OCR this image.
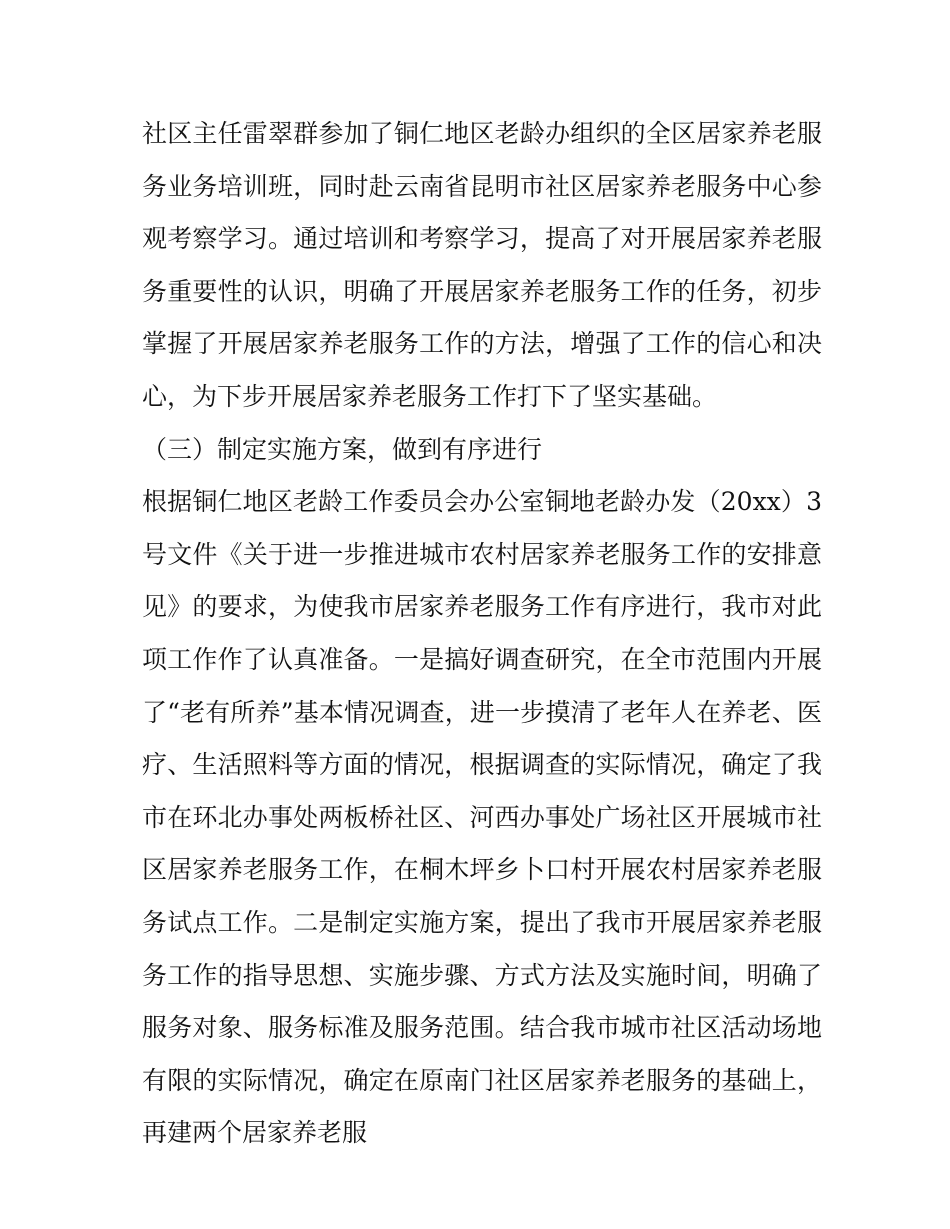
社区主任雷翠群参加了铜仁地区老龄办组织的全区居家养老服
务业务培训班，同时赴云南省昆明市社区居家养老服务中心参
观考察学习。通过培训和考察学习，提高了对开展居家养老服
务重要性的认识，明确了开展居家养老服务工作的任务，初步
掌握了开展居家养老服务工作的方法，增强了工作的信心和决
心，为下步开展居家养老服务工作打下了坚实基础。
（三）制定实施方案，做到有序进行
根据铜仁地区老龄工作委员会办公室铜地老龄办发（20xx）3
号文件《关于进一步推进城市农村居家养老服务工作的安排意
见》的要求，为使我市居家养老服务工作有序进行，我市对此
项工作作了认真准备。一是搞好调查研究，在全市范围内开展
了“老有所养”基本情况调查，进一步摸清了老年人在养老、医
疗、生活照料等方面的情况，根据调查的实际情况，确定了我
市在环北办事处两板桥社区、河西办事处广场社区开展城市社
区居家养老服务工作，在桐木坪乡卜口村开展农村居家养老服
务试点工作。二是制定实施方案，提出了我市开展居家养老服
务工作的指导思想、实施步骤、方式方法及实施时间，明确了
服务对象、服务标准及服务范围。结合我市城市社区活动场地
有限的实际情况，确定在原南门社区居家养老服务的基础上，
再建两个居家养老服
